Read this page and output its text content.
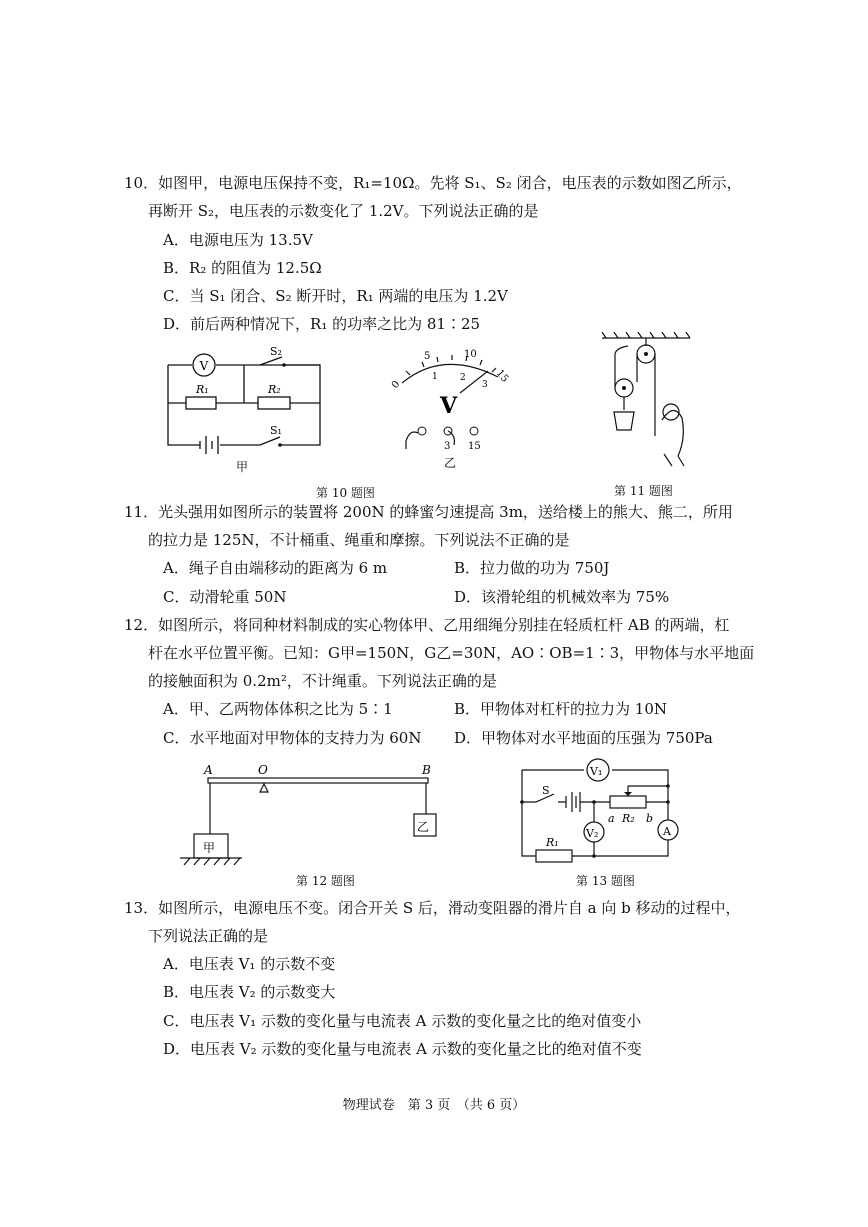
10．如图甲，电源电压保持不变，R₁=10Ω。先将 S₁、S₂ 闭合，电压表的示数如图乙所示，
再断开 S₂，电压表的示数变化了 1.2V。下列说法正确的是
A．电源电压为 13.5V
B．R₂ 的阻值为 12.5Ω
C．当 S₁ 闭合、S₂ 断开时，R₁ 两端的电压为 1.2V
D．前后两种情况下，R₁ 的功率之比为 81∶25
V
S₂
R₁	R₂
S₁
甲
0
5	10
15
1 2
3
V
3 15
乙
第 10 题图	第 11 题图
11．光头强用如图所示的装置将 200N 的蜂蜜匀速提高 3m，送给楼上的熊大、熊二，所用
的拉力是 125N，不计桶重、绳重和摩擦。下列说法不正确的是
A．绳子自由端移动的距离为 6 m	B．拉力做的功为 750J
C．动滑轮重 50N	D．该滑轮组的机械效率为 75%
12．如图所示，将同种材料制成的实心物体甲、乙用细绳分别挂在轻质杠杆 AB 的两端，杠
杆在水平位置平衡。已知：G甲=150N，G乙=30N，AO∶OB=1∶3，甲物体与水平地面
的接触面积为 0.2m²，不计绳重。下列说法正确的是
A．甲、乙两物体体积之比为 5∶1	B．甲物体对杠杆的拉力为 10N
C．水平地面对甲物体的支持力为 60N D．甲物体对水平地面的压强为 750Pa
A	O	B
甲
乙
V₁
S
a R₂ b
V₂	A
R₁
第 12 题图	第 13 题图
13．如图所示，电源电压不变。闭合开关 S 后，滑动变阻器的滑片自 a 向 b 移动的过程中，
下列说法正确的是
A．电压表 V₁ 的示数不变
B．电压表 V₂ 的示数变大
C．电压表 V₁ 示数的变化量与电流表 A 示数的变化量之比的绝对值变小
D．电压表 V₂ 示数的变化量与电流表 A 示数的变化量之比的绝对值不变
物理试卷　第 3 页　（共 6 页）
